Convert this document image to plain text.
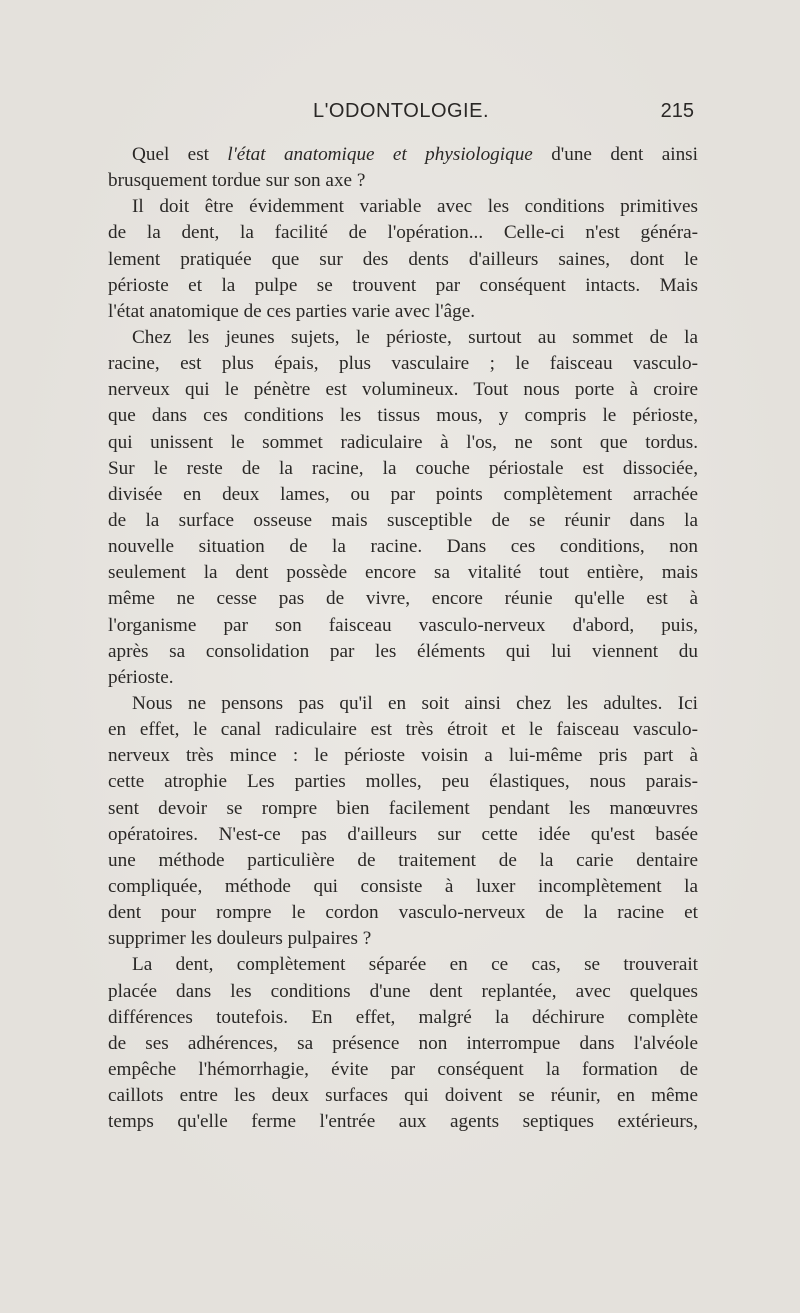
L'ODONTOLOGIE.	215
Quel est l'état anatomique et physiologique d'une dent ainsi
brusquement tordue sur son axe ?
Il doit être évidemment variable avec les conditions primitives
de la dent, la facilité de l'opération... Celle-ci n'est généra-
lement pratiquée que sur des dents d'ailleurs saines, dont le
périoste et la pulpe se trouvent par conséquent intacts. Mais
l'état anatomique de ces parties varie avec l'âge.
Chez les jeunes sujets, le périoste, surtout au sommet de la
racine, est plus épais, plus vasculaire ; le faisceau vasculo-
nerveux qui le pénètre est volumineux. Tout nous porte à croire
que dans ces conditions les tissus mous, y compris le périoste,
qui unissent le sommet radiculaire à l'os, ne sont que tordus.
Sur le reste de la racine, la couche périostale est dissociée,
divisée en deux lames, ou par points complètement arrachée
de la surface osseuse mais susceptible de se réunir dans la
nouvelle situation de la racine. Dans ces conditions, non
seulement la dent possède encore sa vitalité tout entière, mais
même ne cesse pas de vivre, encore réunie qu'elle est à
l'organisme par son faisceau vasculo-nerveux d'abord, puis,
après sa consolidation par les éléments qui lui viennent du
périoste.
Nous ne pensons pas qu'il en soit ainsi chez les adultes. Ici
en effet, le canal radiculaire est très étroit et le faisceau vasculo-
nerveux très mince : le périoste voisin a lui-même pris part à
cette atrophie Les parties molles, peu élastiques, nous parais-
sent devoir se rompre bien facilement pendant les manœuvres
opératoires. N'est-ce pas d'ailleurs sur cette idée qu'est basée
une méthode particulière de traitement de la carie dentaire
compliquée, méthode qui consiste à luxer incomplètement la
dent pour rompre le cordon vasculo-nerveux de la racine et
supprimer les douleurs pulpaires ?
La dent, complètement séparée en ce cas, se trouverait
placée dans les conditions d'une dent replantée, avec quelques
différences toutefois. En effet, malgré la déchirure complète
de ses adhérences, sa présence non interrompue dans l'alvéole
empêche l'hémorrhagie, évite par conséquent la formation de
caillots entre les deux surfaces qui doivent se réunir, en même
temps qu'elle ferme l'entrée aux agents septiques extérieurs,
